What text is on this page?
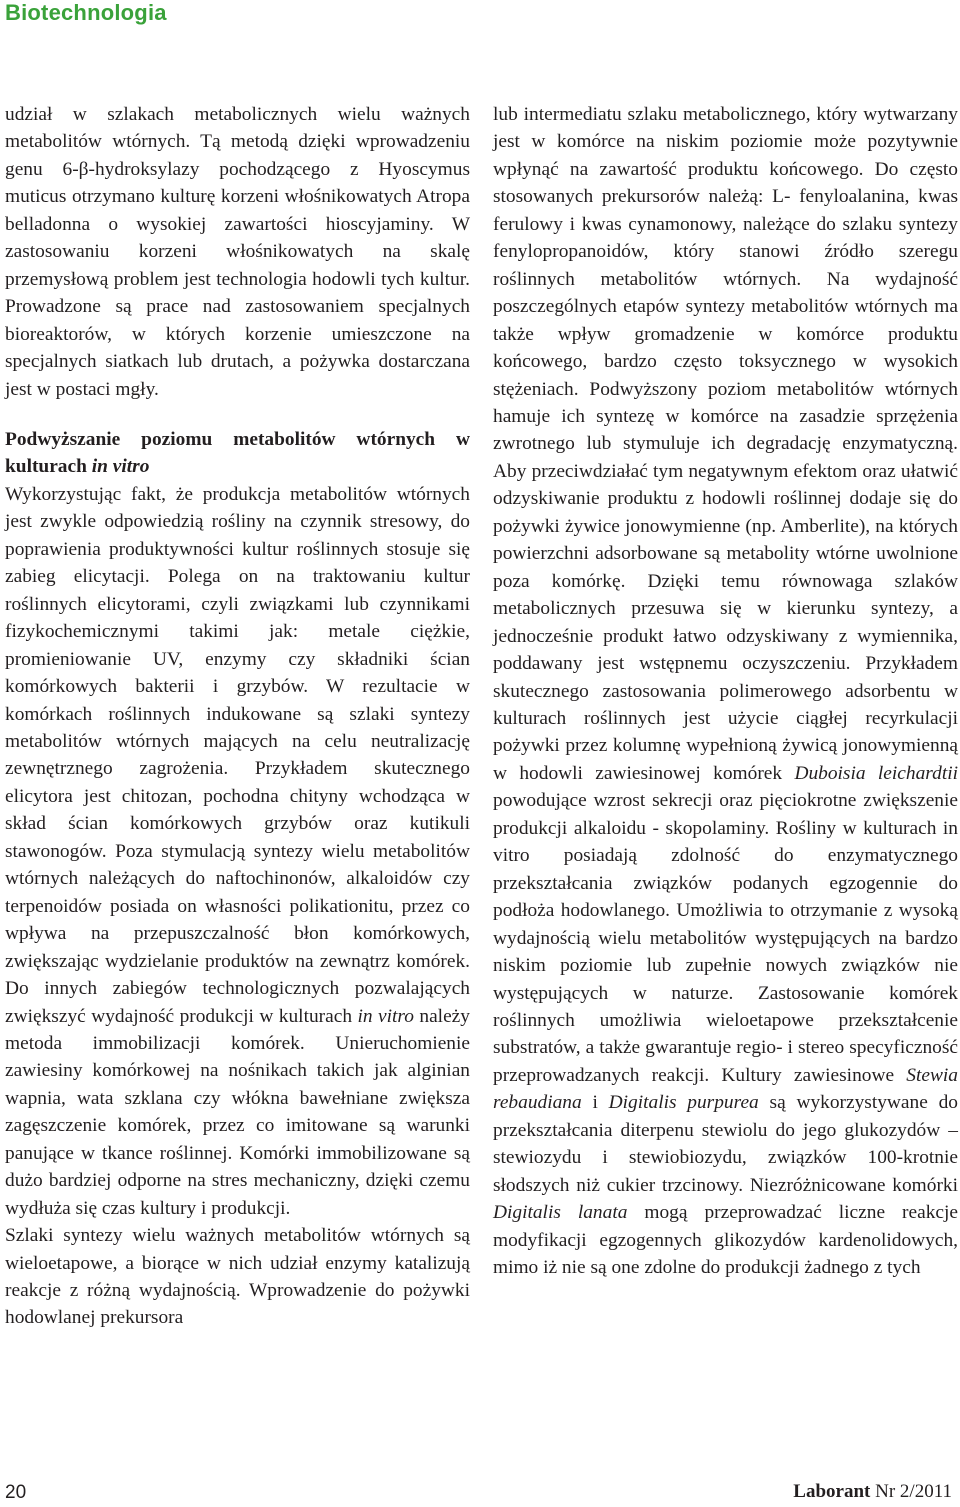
Biotechnologia

udział w szlakach metabolicznych wielu ważnych metabolitów wtórnych. Tą metodą dzięki wprowadzeniu genu 6-β-hydroksylazy pochodzącego z Hyoscymus muticus otrzymano kulturę korzeni włośnikowatych Atropa belladonna o wysokiej zawartości hioscyjaminy. W zastosowaniu korzeni włośnikowatych na skalę przemysłową problem jest technologia hodowli tych kultur. Prowadzone są prace nad zastosowaniem specjalnych bioreaktorów, w których korzenie umieszczone na specjalnych siatkach lub drutach, a pożywka dostarczana jest w postaci mgły.

Podwyższanie poziomu metabolitów wtórnych w kulturach in vitro

Wykorzystując fakt, że produkcja metabolitów wtórnych jest zwykle odpowiedzią rośliny na czynnik stresowy, do poprawienia produktywności kultur roślinnych stosuje się zabieg elicytacji. Polega on na traktowaniu kultur roślinnych elicytorami, czyli związkami lub czynnikami fizykochemicznymi takimi jak: metale ciężkie, promieniowanie UV, enzymy czy składniki ścian komórkowych bakterii i grzybów. W rezultacie w komórkach roślinnych indukowane są szlaki syntezy metabolitów wtórnych mających na celu neutralizację zewnętrznego zagrożenia. Przykładem skutecznego elicytora jest chitozan, pochodna chityny wchodząca w skład ścian komórkowych grzybów oraz kutikuli stawonogów. Poza stymulacją syntezy wielu metabolitów wtórnych należących do naftochinonów, alkaloidów czy terpenoidów posiada on własności polikationitu, przez co wpływa na przepuszczalność błon komórkowych, zwiększając wydzielanie produktów na zewnątrz komórek. Do innych zabiegów technologicznych pozwalających zwiększyć wydajność produkcji w kulturach in vitro należy metoda immobilizacji komórek. Unieruchomienie zawiesiny komórkowej na nośnikach takich jak alginian wapnia, wata szklana czy włókna bawełniane zwiększa zagęszczenie komórek, przez co imitowane są warunki panujące w tkance roślinnej. Komórki immobilizowane są dużo bardziej odporne na stres mechaniczny, dzięki czemu wydłuża się czas kultury i produkcji.

Szlaki syntezy wielu ważnych metabolitów wtórnych są wieloetapowe, a biorące w nich udział enzymy katalizują reakcje z różną wydajnością. Wprowadzenie do pożywki hodowlanej prekursora

lub intermediatu szlaku metabolicznego, który wytwarzany jest w komórce na niskim poziomie może pozytywnie wpłynąć na zawartość produktu końcowego. Do często stosowanych prekursorów należą: L- fenyloalanina, kwas ferulowy i kwas cynamonowy, należące do szlaku syntezy fenylopropanoidów, który stanowi źródło szeregu roślinnych metabolitów wtórnych. Na wydajność poszczególnych etapów syntezy metabolitów wtórnych ma także wpływ gromadzenie w komórce produktu końcowego, bardzo często toksycznego w wysokich stężeniach. Podwyższony poziom metabolitów wtórnych hamuje ich syntezę w komórce na zasadzie sprzężenia zwrotnego lub stymuluje ich degradację enzymatyczną. Aby przeciwdziałać tym negatywnym efektom oraz ułatwić odzyskiwanie produktu z hodowli roślinnej dodaje się do pożywki żywice jonowymienne (np. Amberlite), na których powierzchni adsorbowane są metabolity wtórne uwolnione poza komórkę. Dzięki temu równowaga szlaków metabolicznych przesuwa się w kierunku syntezy, a jednocześnie produkt łatwo odzyskiwany z wymiennika, poddawany jest wstępnemu oczyszczeniu. Przykładem skutecznego zastosowania polimerowego adsorbentu w kulturach roślinnych jest użycie ciągłej recyrkulacji pożywki przez kolumnę wypełnioną żywicą jonowymienną w hodowli zawiesinowej komórek Duboisia leichardtii powodujące wzrost sekrecji oraz pięciokrotne zwiększenie produkcji alkaloidu - skopolaminy. Rośliny w kulturach in vitro posiadają zdolność do enzymatycznego przekształcania związków podanych egzogennie do podłoża hodowlanego. Umożliwia to otrzymanie z wysoką wydajnością wielu metabolitów występujących na bardzo niskim poziomie lub zupełnie nowych związków nie występujących w naturze. Zastosowanie komórek roślinnych umożliwia wieloetapowe przekształcenie substratów, a także gwarantuje regio- i stereo specyficzność przeprowadzanych reakcji. Kultury zawiesinowe Stewia rebaudiana i Digitalis purpurea są wykorzystywane do przekształcania diterpenu stewiolu do jego glukozydów – stewiozydu i stewiobiozydu, związków 100-krotnie słodszych niż cukier trzcinowy. Niezróżnicowane komórki Digitalis lanata mogą przeprowadzać liczne reakcje modyfikacji egzogennych glikozydów kardenolidowych, mimo iż nie są one zdolne do produkcji żadnego z tych

20	Laborant Nr 2/2011
